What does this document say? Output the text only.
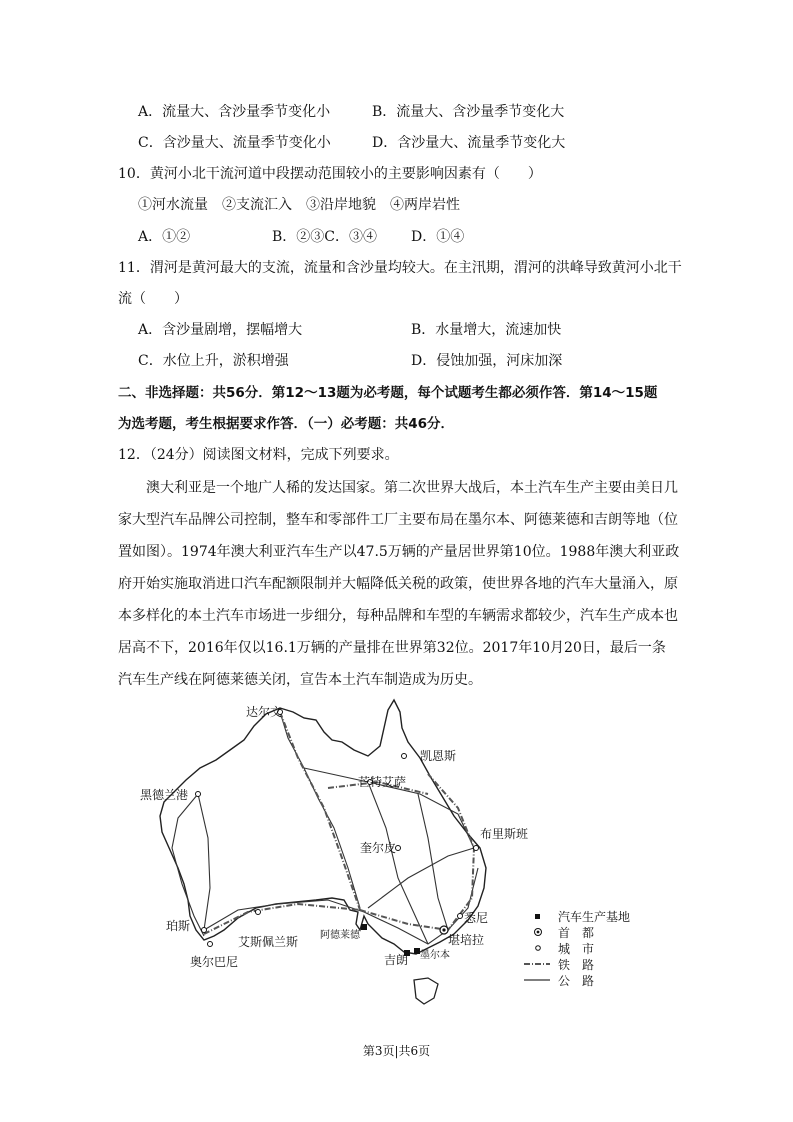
A．流量大、含沙量季节变化小	B．流量大、含沙量季节变化大
C．含沙量大、流量季节变化小	D．含沙量大、流量季节变化大
10．黄河小北干流河道中段摆动范围较小的主要影响因素有（　　）
①河水流量　②支流汇入　③沿岸地貌　④两岸岩性
A．①②	B．②③C．③④ D．①④
11．渭河是黄河最大的支流，流量和含沙量均较大。在主汛期，渭河的洪峰导致黄河小北干
流（　　）
A．含沙量剧增，摆幅增大	B．水量增大，流速加快
C．水位上升，淤积增强	D．侵蚀加强，河床加深
二、非选择题：共56分．第12～13题为必考题，每个试题考生都必须作答．第14～15题
为选考题，考生根据要求作答．（一）必考题：共46分．
12．（24分）阅读图文材料，完成下列要求。
澳大利亚是一个地广人稀的发达国家。第二次世界大战后，本土汽车生产主要由美日几
家大型汽车品牌公司控制，整车和零部件工厂主要布局在墨尔本、阿德莱德和吉朗等地（位
置如图）。1974年澳大利亚汽车生产以47.5万辆的产量居世界第10位。1988年澳大利亚政
府开始实施取消进口汽车配额限制并大幅降低关税的政策，使世界各地的汽车大量涌入，原
本多样化的本土汽车市场进一步细分，每种品牌和车型的车辆需求都较少，汽车生产成本也
居高不下，2016年仅以16.1万辆的产量排在世界第32位。2017年10月20日，最后一条
汽车生产线在阿德莱德关闭，宣告本土汽车制造成为历史。
达尔文
凯恩斯
黑德兰港
芒特艾萨
奎尔皮
布里斯班
珀斯
艾斯佩兰斯
奥尔巴尼
阿德莱德
悉尼
堪培拉
吉朗 墨尔本
汽车生产基地
首　都
城　市
铁　路
公　路
第3页|共6页
